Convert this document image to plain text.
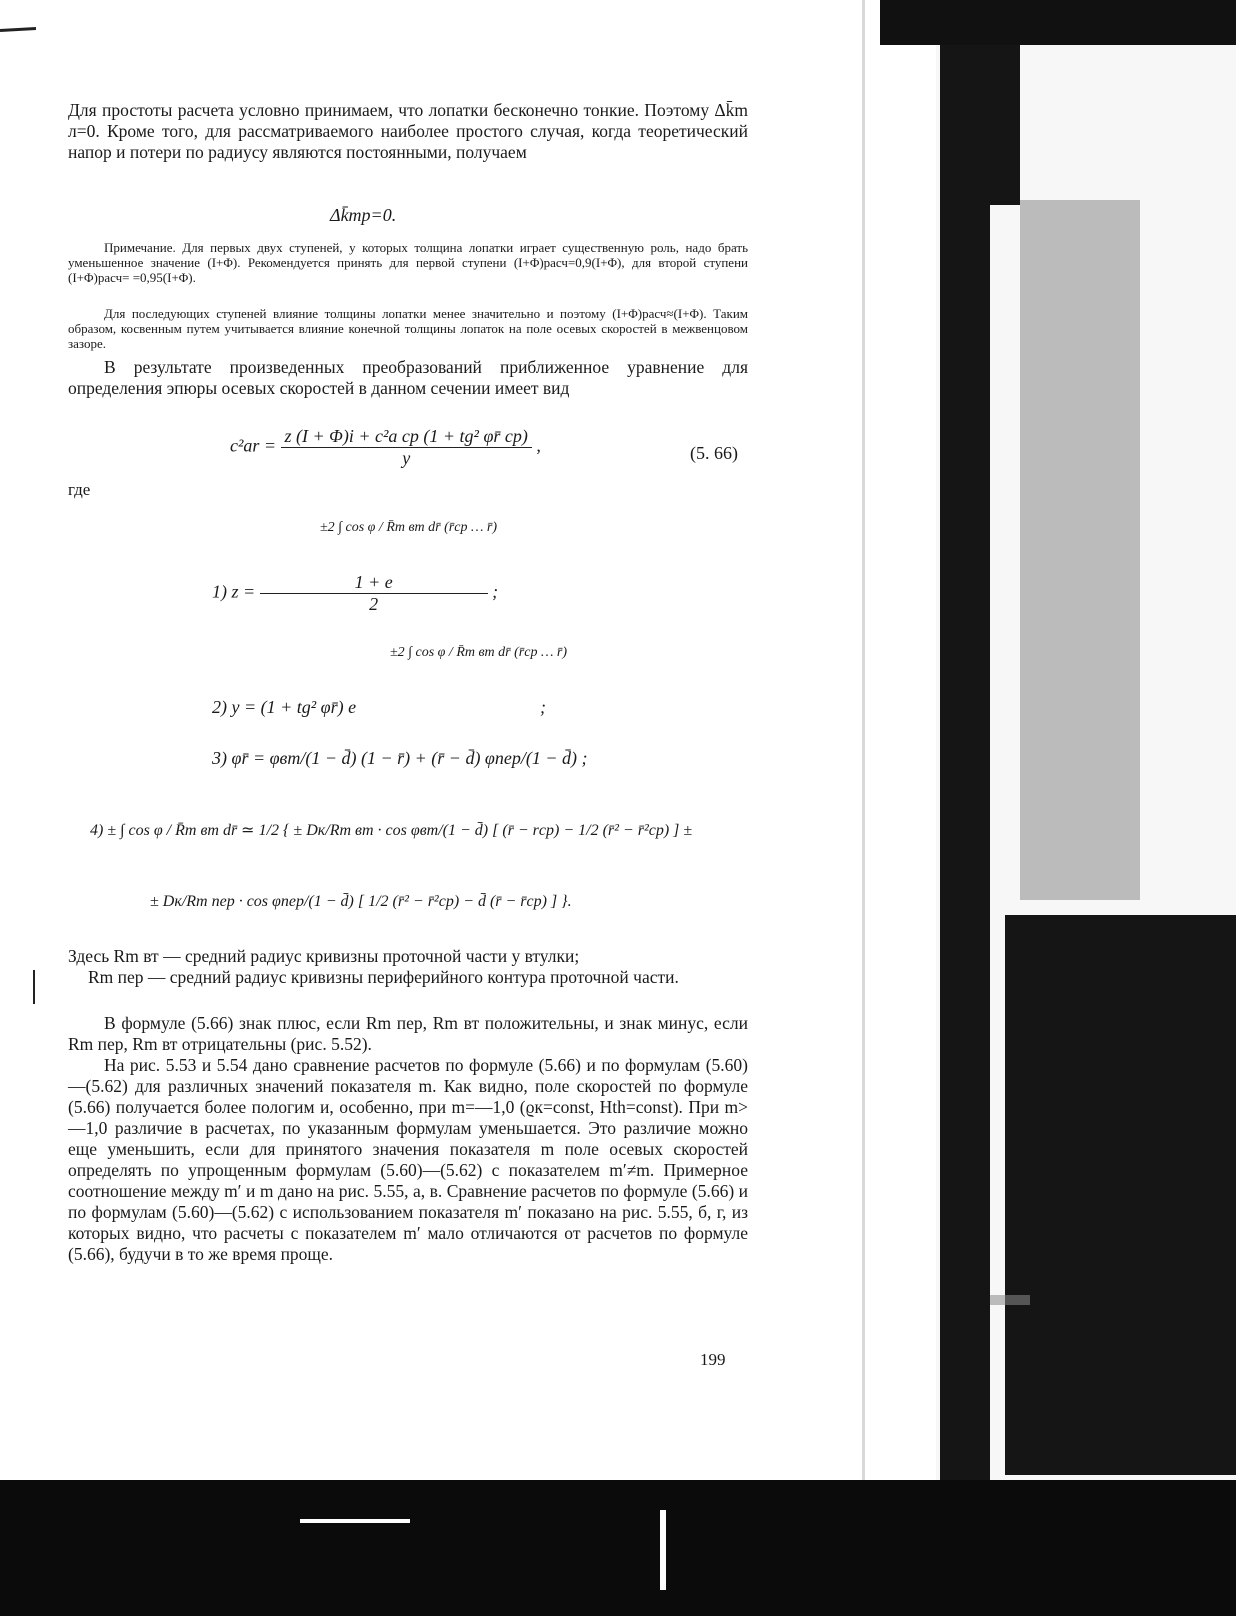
Для простоты расчета условно принимаем, что лопатки бесконечно тонкие. Поэтому Δk̄m л=0. Кроме того, для рассматриваемого наиболее простого случая, когда теоретический напор и потери по радиусу являются постоянными, получаем

Δk̄mp=0.

Примечание. Для первых двух ступеней, у которых толщина лопатки играет существенную роль, надо брать уменьшенное значение (I+Φ). Рекомендуется принять для первой ступени (I+Φ)расч=0,9(I+Φ), для второй ступени (I+Φ)расч= =0,95(I+Φ).

Для последующих ступеней влияние толщины лопатки менее значительно и поэтому (I+Φ)расч≈(I+Φ). Таким образом, косвенным путем учитывается влияние конечной толщины лопаток на поле осевых скоростей в межвенцовом зазоре.

В результате произведенных преобразований приближенное уравнение для определения эпюры осевых скоростей в данном сечении имеет вид

$c^2ar = \frac{\text{z (I + Φ)i + c²a ср (1 + tg² φr̄ ср)}}{y}$ ,	(5. 66)
где
±2 ∫ cos φ / R̄m вт dr̄ (r̄ср … r̄)
1) $z = \frac{1 + e}{2}$ ;
±2 ∫ cos φ / R̄m вт dr̄ (r̄ср … r̄)
2) y = (1 + tg² φr̄) e	;
3) φr̄ = φвт/(1 − d̄) (1 − r̄) + (r̄ − d̄) φпер/(1 − d̄) ;
4) ± ∫ cos φ / R̄m вт dr̄ ≃ 1/2 { ± Dк/Rm вт · cos φвт/(1 − d̄) [ (r̄ − rср) − 1/2 (r̄² − r̄²ср) ] ±
± Dк/Rm пер · cos φпер/(1 − d̄) [ 1/2 (r̄² − r̄²ср) − d̄ (r̄ − r̄ср) ] }.
Здесь Rm вт — средний радиус кривизны проточной части у втулки;
Rm пер — средний радиус кривизны периферийного контура проточной части.

В формуле (5.66) знак плюс, если Rm пер, Rm вт положительны, и знак минус, если Rm пер, Rm вт отрицательны (рис. 5.52).

На рис. 5.53 и 5.54 дано сравнение расчетов по формуле (5.66) и по формулам (5.60)—(5.62) для различных значений показателя m. Как видно, поле скоростей по формуле (5.66) получается более пологим и, особенно, при m=—1,0 (ϱк=const, Hth=const). При m>—1,0 различие в расчетах, по указанным формулам уменьшается. Это различие можно еще уменьшить, если для принятого значения показателя m поле осевых скоростей определять по упрощенным формулам (5.60)—(5.62) с показателем m′≠m. Примерное соотношение между m′ и m дано на рис. 5.55, a, в. Сравнение расчетов по формуле (5.66) и по формулам (5.60)—(5.62) с использованием показателя m′ показано на рис. 5.55, б, г, из которых видно, что расчеты с показателем m′ мало отличаются от расчетов по формуле (5.66), будучи в то же время проще.

199
